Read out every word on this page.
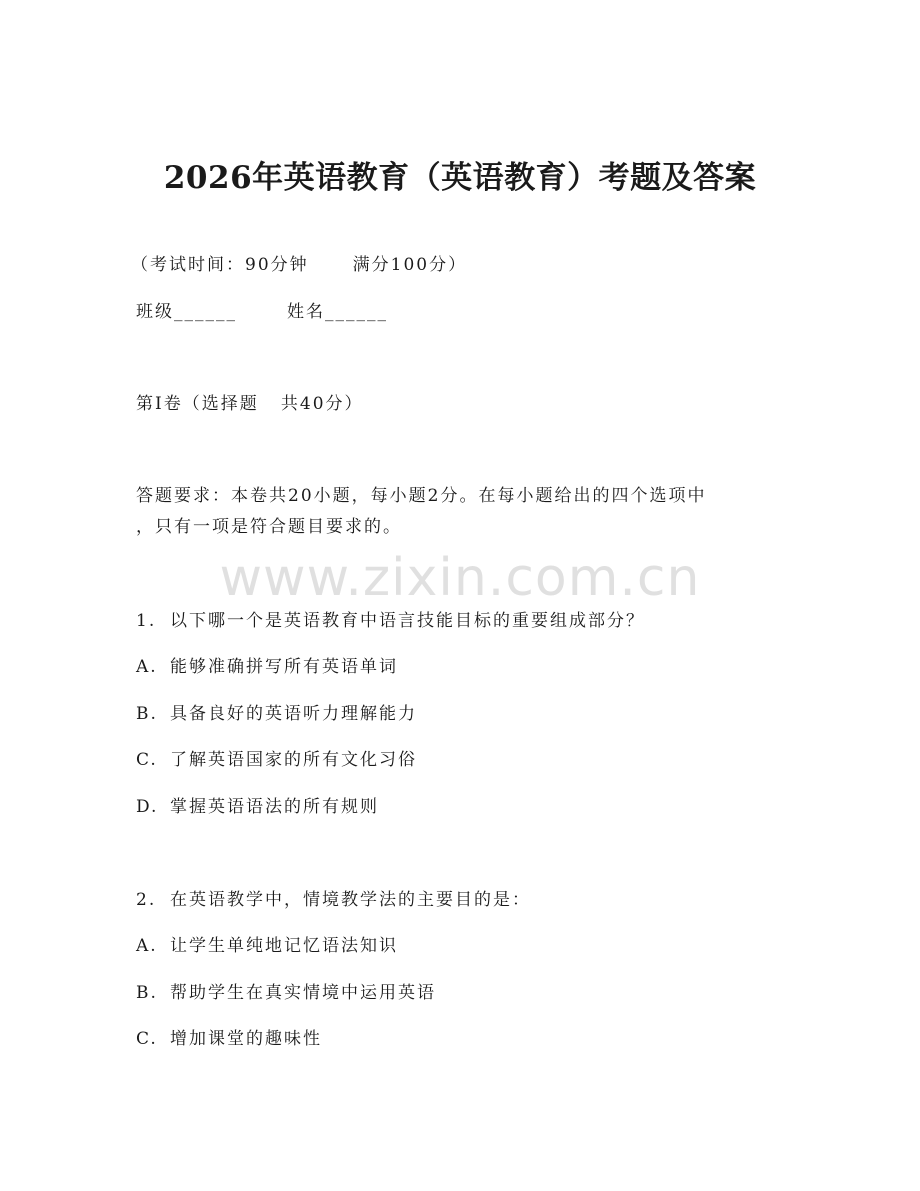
2026年英语教育（英语教育）考题及答案
（考试时间：90分钟	满分100分）
班级______	姓名______
第I卷（选择题   共40分）
答题要求：本卷共20小题，每小题2分。在每小题给出的四个选项中
，只有一项是符合题目要求的。
www.zixin.com.cn
1. 以下哪一个是英语教育中语言技能目标的重要组成部分？
A. 能够准确拼写所有英语单词
B. 具备良好的英语听力理解能力
C. 了解英语国家的所有文化习俗
D. 掌握英语语法的所有规则
2. 在英语教学中，情境教学法的主要目的是：
A. 让学生单纯地记忆语法知识
B. 帮助学生在真实情境中运用英语
C. 增加课堂的趣味性
